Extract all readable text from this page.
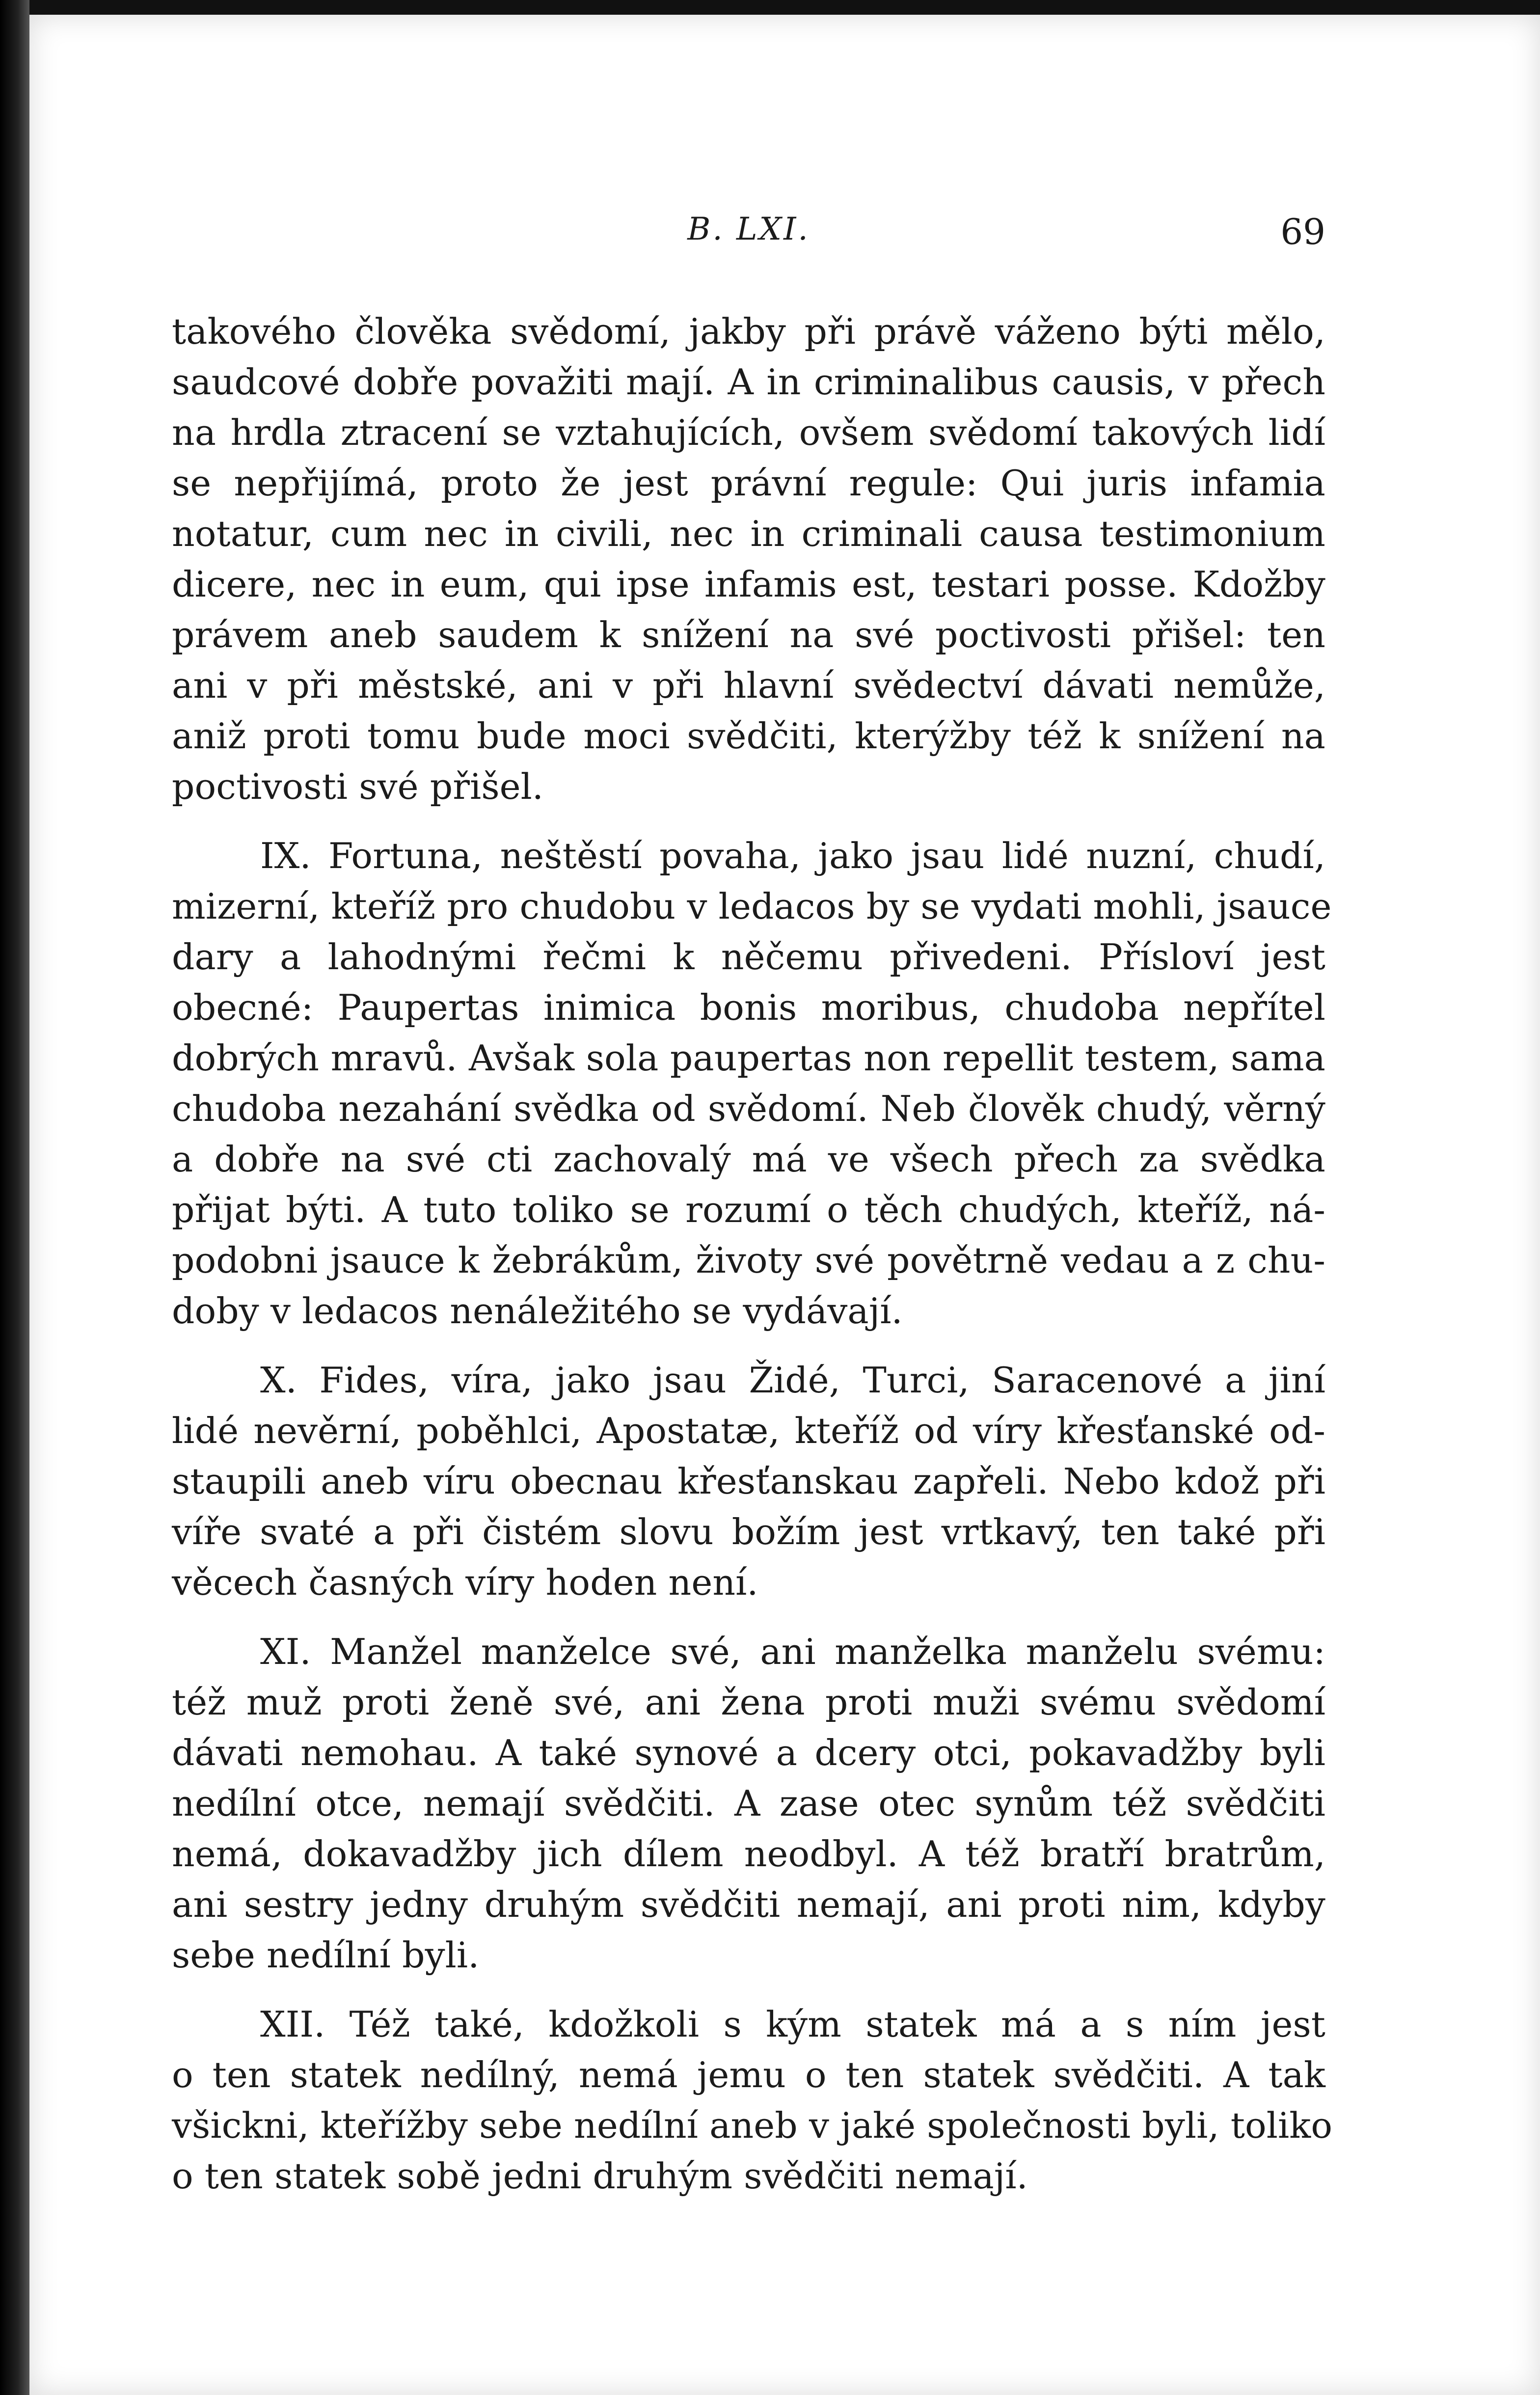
B. LXI.	69
takového člověka svědomí, jakby při právě váženo býti mělo,
saudcové dobře považiti mají. A in criminalibus causis, v přech
na hrdla ztracení se vztahujících, ovšem svědomí takových lidí
se nepřijímá, proto že jest právní regule: Qui juris infamia
notatur, cum nec in civili, nec in criminali causa testimonium
dicere, nec in eum, qui ipse infamis est, testari posse. Kdožby
právem aneb saudem k snížení na své poctivosti přišel: ten
ani v při městské, ani v při hlavní svědectví dávati nemůže,
aniž proti tomu bude moci svědčiti, kterýžby též k snížení na
poctivosti své přišel.
IX. Fortuna, neštěstí povaha, jako jsau lidé nuzní, chudí,
mizerní, kteříž pro chudobu v ledacos by se vydati mohli, jsauce
dary a lahodnými řečmi k něčemu přivedeni. Přísloví jest
obecné: Paupertas inimica bonis moribus, chudoba nepřítel
dobrých mravů. Avšak sola paupertas non repellit testem, sama
chudoba nezahání svědka od svědomí. Neb člověk chudý, věrný
a dobře na své cti zachovalý má ve všech přech za svědka
přijat býti. A tuto toliko se rozumí o těch chudých, kteříž, ná-
podobni jsauce k žebrákům, životy své povětrně vedau a z chu-
doby v ledacos nenáležitého se vydávají.
X. Fides, víra, jako jsau Židé, Turci, Saracenové a jiní
lidé nevěrní, poběhlci, Apostatæ, kteříž od víry křesťanské od-
staupili aneb víru obecnau křesťanskau zapřeli. Nebo kdož při
víře svaté a při čistém slovu božím jest vrtkavý, ten také při
věcech časných víry hoden není.
XI. Manžel manželce své, ani manželka manželu svému:
též muž proti ženě své, ani žena proti muži svému svědomí
dávati nemohau. A také synové a dcery otci, pokavadžby byli
nedílní otce, nemají svědčiti. A zase otec synům též svědčiti
nemá, dokavadžby jich dílem neodbyl. A též bratří bratrům,
ani sestry jedny druhým svědčiti nemají, ani proti nim, kdyby
sebe nedílní byli.
XII. Též také, kdožkoli s kým statek má a s ním jest
o ten statek nedílný, nemá jemu o ten statek svědčiti. A tak
všickni, kteřížby sebe nedílní aneb v jaké společnosti byli, toliko
o ten statek sobě jedni druhým svědčiti nemají.
